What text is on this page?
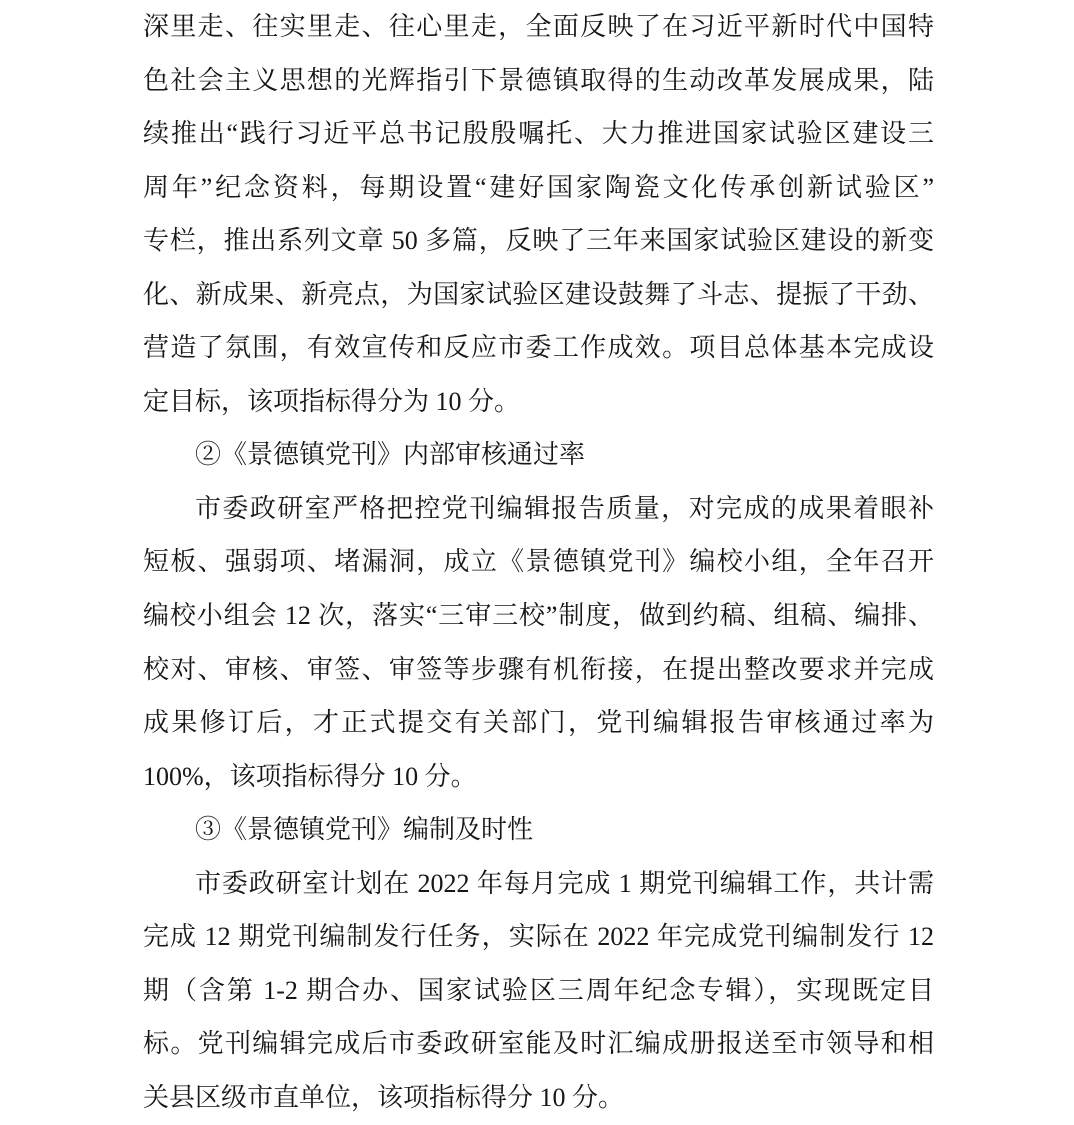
深里走、往实里走、往心里走，全面反映了在习近平新时代中国特
色社会主义思想的光辉指引下景德镇取得的生动改革发展成果，陆
续推出“践行习近平总书记殷殷嘱托、大力推进国家试验区建设三
周年”纪念资料，每期设置“建好国家陶瓷文化传承创新试验区”
专栏，推出系列文章 50 多篇，反映了三年来国家试验区建设的新变
化、新成果、新亮点，为国家试验区建设鼓舞了斗志、提振了干劲、
营造了氛围，有效宣传和反应市委工作成效。项目总体基本完成设
定目标，该项指标得分为 10 分。
②《景德镇党刊》内部审核通过率
市委政研室严格把控党刊编辑报告质量，对完成的成果着眼补
短板、强弱项、堵漏洞，成立《景德镇党刊》编校小组，全年召开
编校小组会 12 次，落实“三审三校”制度，做到约稿、组稿、编排、
校对、审核、审签、审签等步骤有机衔接，在提出整改要求并完成
成果修订后，才正式提交有关部门，党刊编辑报告审核通过率为
100%，该项指标得分 10 分。
③《景德镇党刊》编制及时性
市委政研室计划在 2022 年每月完成 1 期党刊编辑工作，共计需
完成 12 期党刊编制发行任务，实际在 2022 年完成党刊编制发行 12
期（含第 1-2 期合办、国家试验区三周年纪念专辑），实现既定目
标。党刊编辑完成后市委政研室能及时汇编成册报送至市领导和相
关县区级市直单位，该项指标得分 10 分。
